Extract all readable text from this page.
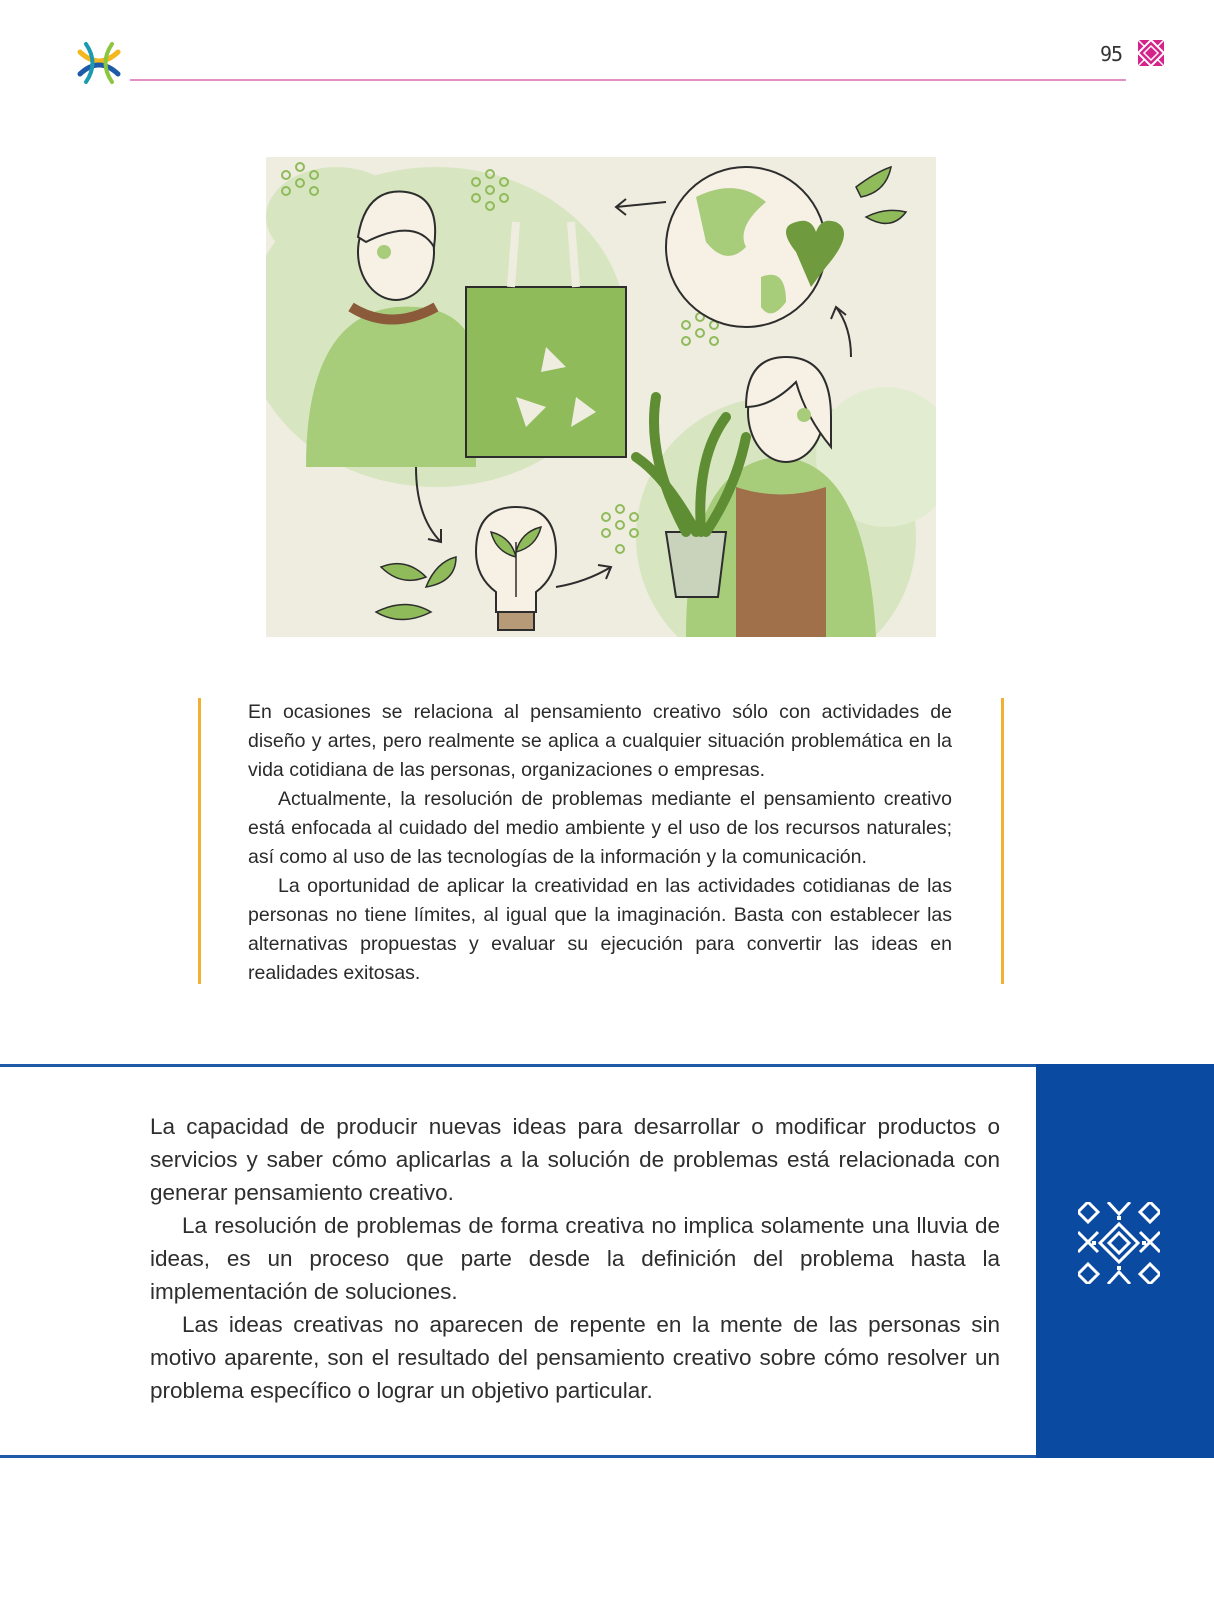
95

En ocasiones se relaciona al pensamiento creativo sólo con actividades de diseño y artes, pero realmente se aplica a cualquier situación problemática en la vida cotidiana de las personas, organizaciones o empresas.

Actualmente, la resolución de problemas mediante el pensamiento creativo está enfocada al cuidado del medio ambiente y el uso de los recursos naturales; así como al uso de las tecnologías de la información y la comunicación.

La oportunidad de aplicar la creatividad en las actividades cotidianas de las personas no tiene límites, al igual que la imaginación. Basta con establecer las alternativas propuestas y evaluar su ejecución para convertir las ideas en realidades exitosas.

La capacidad de producir nuevas ideas para desarrollar o modificar productos o servicios y saber cómo aplicarlas a la solución de problemas está relacionada con generar pensamiento creativo.

La resolución de problemas de forma creativa no implica solamente una lluvia de ideas, es un proceso que parte desde la definición del problema hasta la implementación de soluciones.

Las ideas creativas no aparecen de repente en la mente de las personas sin motivo aparente, son el resultado del pensamiento creativo sobre cómo resolver un problema específico o lograr un objetivo particular.
